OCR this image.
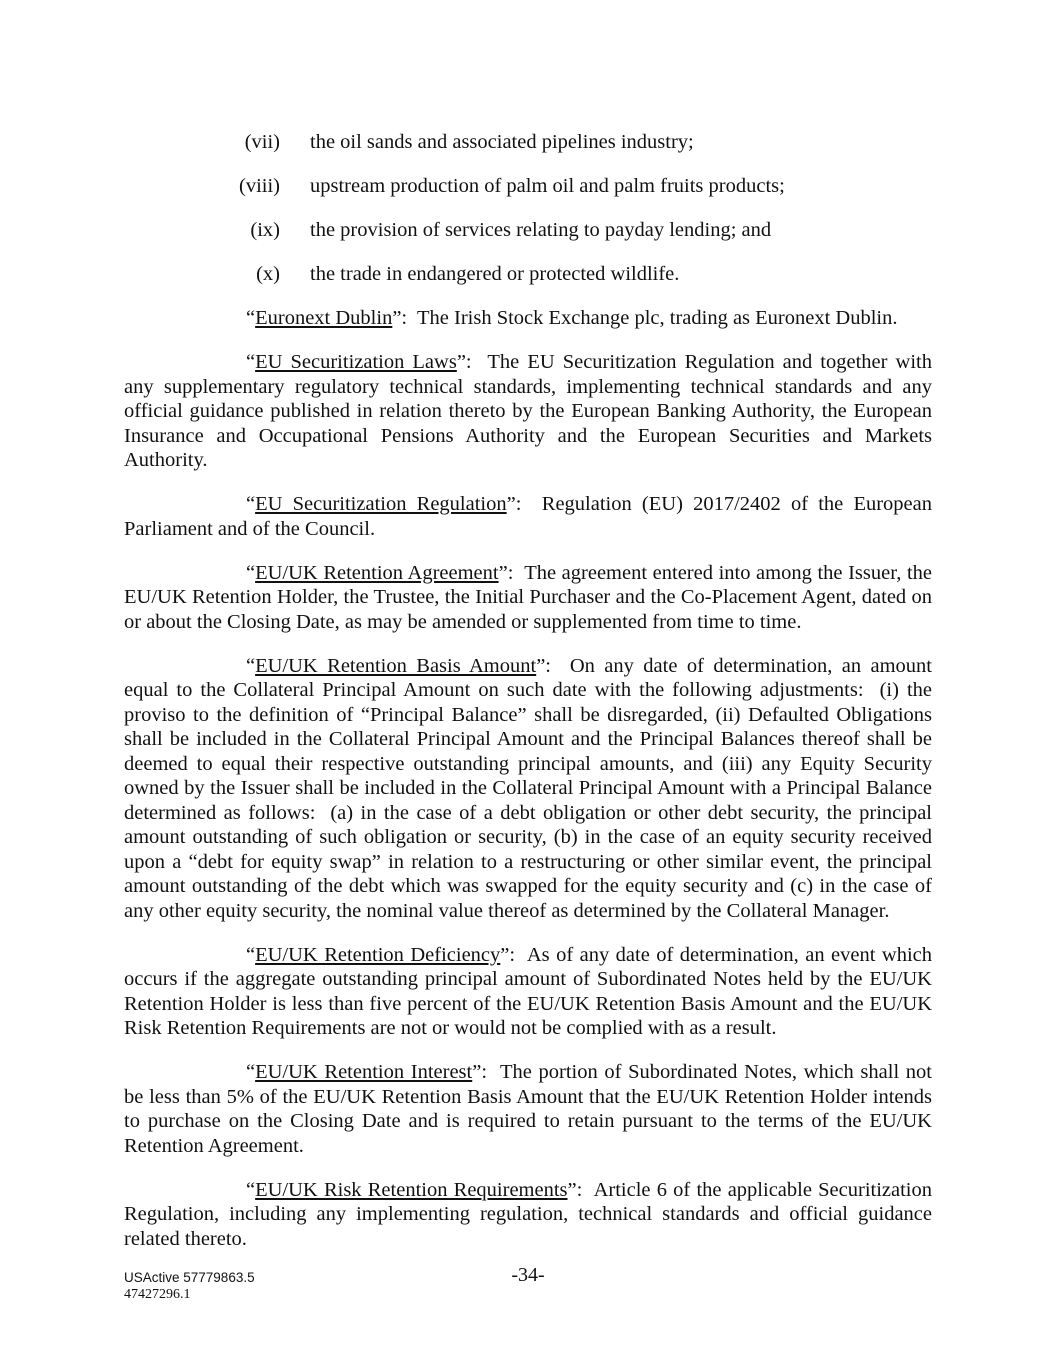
(vii) the oil sands and associated pipelines industry;
(viii) upstream production of palm oil and palm fruits products;
(ix) the provision of services relating to payday lending; and
(x) the trade in endangered or protected wildlife.

“Euronext Dublin”:  The Irish Stock Exchange plc, trading as Euronext Dublin.

“EU Securitization Laws”:  The EU Securitization Regulation and together with any supplementary regulatory technical standards, implementing technical standards and any official guidance published in relation thereto by the European Banking Authority, the European Insurance and Occupational Pensions Authority and the European Securities and Markets Authority.

“EU Securitization Regulation”:  Regulation (EU) 2017/2402 of the European Parliament and of the Council.

“EU/UK Retention Agreement”:  The agreement entered into among the Issuer, the EU/UK Retention Holder, the Trustee, the Initial Purchaser and the Co-Placement Agent, dated on or about the Closing Date, as may be amended or supplemented from time to time.

“EU/UK Retention Basis Amount”:  On any date of determination, an amount equal to the Collateral Principal Amount on such date with the following adjustments:  (i) the proviso to the definition of “Principal Balance” shall be disregarded, (ii) Defaulted Obligations shall be included in the Collateral Principal Amount and the Principal Balances thereof shall be deemed to equal their respective outstanding principal amounts, and (iii) any Equity Security owned by the Issuer shall be included in the Collateral Principal Amount with a Principal Balance determined as follows:  (a) in the case of a debt obligation or other debt security, the principal amount outstanding of such obligation or security, (b) in the case of an equity security received upon a “debt for equity swap” in relation to a restructuring or other similar event, the principal amount outstanding of the debt which was swapped for the equity security and (c) in the case of any other equity security, the nominal value thereof as determined by the Collateral Manager.

“EU/UK Retention Deficiency”:  As of any date of determination, an event which occurs if the aggregate outstanding principal amount of Subordinated Notes held by the EU/UK Retention Holder is less than five percent of the EU/UK Retention Basis Amount and the EU/UK Risk Retention Requirements are not or would not be complied with as a result.

“EU/UK Retention Interest”:  The portion of Subordinated Notes, which shall not be less than 5% of the EU/UK Retention Basis Amount that the EU/UK Retention Holder intends to purchase on the Closing Date and is required to retain pursuant to the terms of the EU/UK Retention Agreement.

“EU/UK Risk Retention Requirements”:  Article 6 of the applicable Securitization Regulation, including any implementing regulation, technical standards and official guidance related thereto.

-34-
USActive 57779863.5
47427296.1
